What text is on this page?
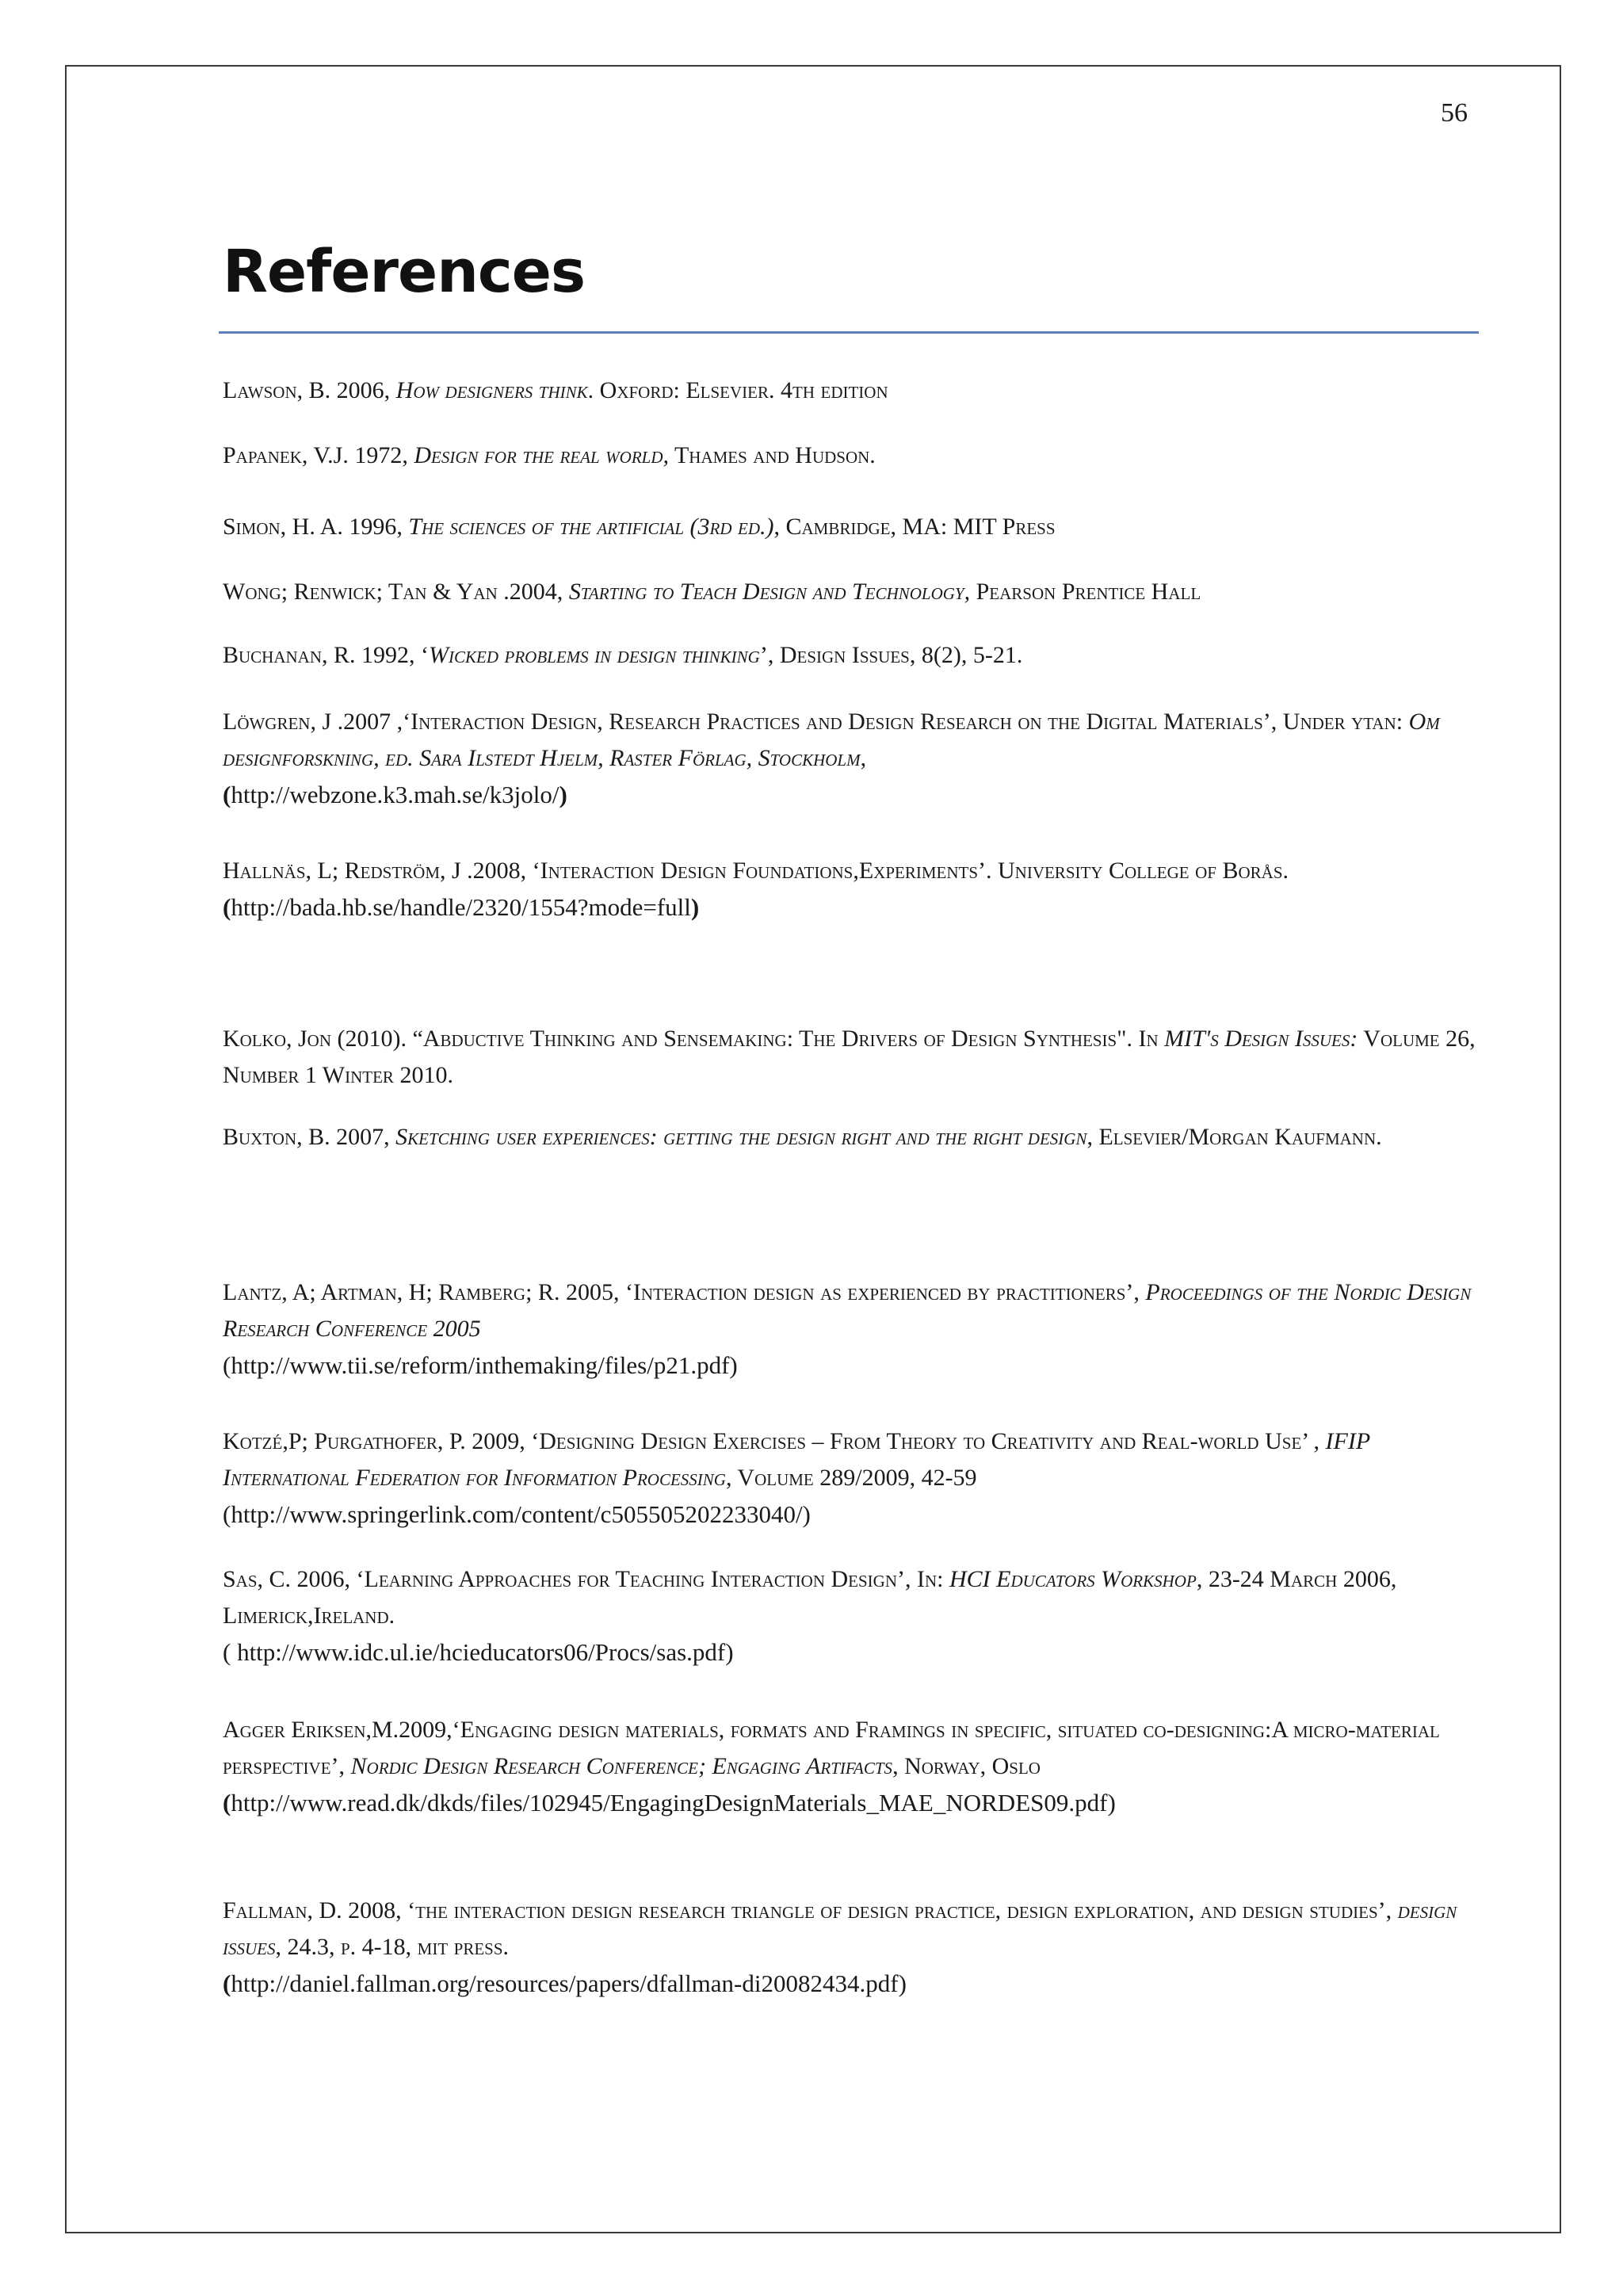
56
References
Lawson, B. 2006, How designers think. Oxford: Elsevier. 4th edition
Papanek, V.J. 1972, Design for the real world, Thames and Hudson.
Simon, H. A. 1996, The sciences of the artificial (3rd ed.), Cambridge, MA: MIT Press
Wong; Renwick; Tan & Yan .2004, Starting to Teach Design and Technology, Pearson Prentice Hall
Buchanan, R. 1992, ‘Wicked problems in design thinking’, Design Issues, 8(2), 5-21.
Löwgren, J .2007 ,‘Interaction Design, Research Practices and Design Research on the Digital Materials’, Under ytan: Om designforskning, ed. Sara Ilstedt Hjelm, Raster Förlag, Stockholm,
(http://webzone.k3.mah.se/k3jolo/)
Hallnäs, L; Redström, J .2008, ‘Interaction Design Foundations,Experiments’. University College of Borås.
(http://bada.hb.se/handle/2320/1554?mode=full)
Kolko, Jon (2010). “Abductive Thinking and Sensemaking: The Drivers of Design Synthesis". In MIT's Design Issues: Volume 26, Number 1 Winter 2010.
Buxton, B. 2007, Sketching user experiences: getting the design right and the right design, Elsevier/Morgan Kaufmann.
Lantz, A; Artman, H; Ramberg; R. 2005, ‘Interaction design as experienced by practitioners’, Proceedings of the Nordic Design Research Conference 2005
(http://www.tii.se/reform/inthemaking/files/p21.pdf)
Kotzé,P; Purgathofer, P. 2009, ‘Designing Design Exercises – From Theory to Creativity and Real-world Use’ , IFIP International Federation for Information Processing, Volume 289/2009, 42-59
(http://www.springerlink.com/content/c505505202233040/)
Sas, C. 2006, ‘Learning Approaches for Teaching Interaction Design’, In: HCI Educators Workshop, 23-24 March 2006, Limerick,Ireland.
( http://www.idc.ul.ie/hcieducators06/Procs/sas.pdf)
Agger Eriksen,M.2009,‘Engaging design materials, formats and Framings in specific, situated co-designing:A micro-material perspective’, Nordic Design Research Conference; Engaging Artifacts, Norway, Oslo
(http://www.read.dk/dkds/files/102945/EngagingDesignMaterials_MAE_NORDES09.pdf)
Fallman, D. 2008, ‘the interaction design research triangle of design practice, design exploration, and design studies’, design issues, 24.3, p. 4-18, mit press.
(http://daniel.fallman.org/resources/papers/dfallman-di20082434.pdf)
